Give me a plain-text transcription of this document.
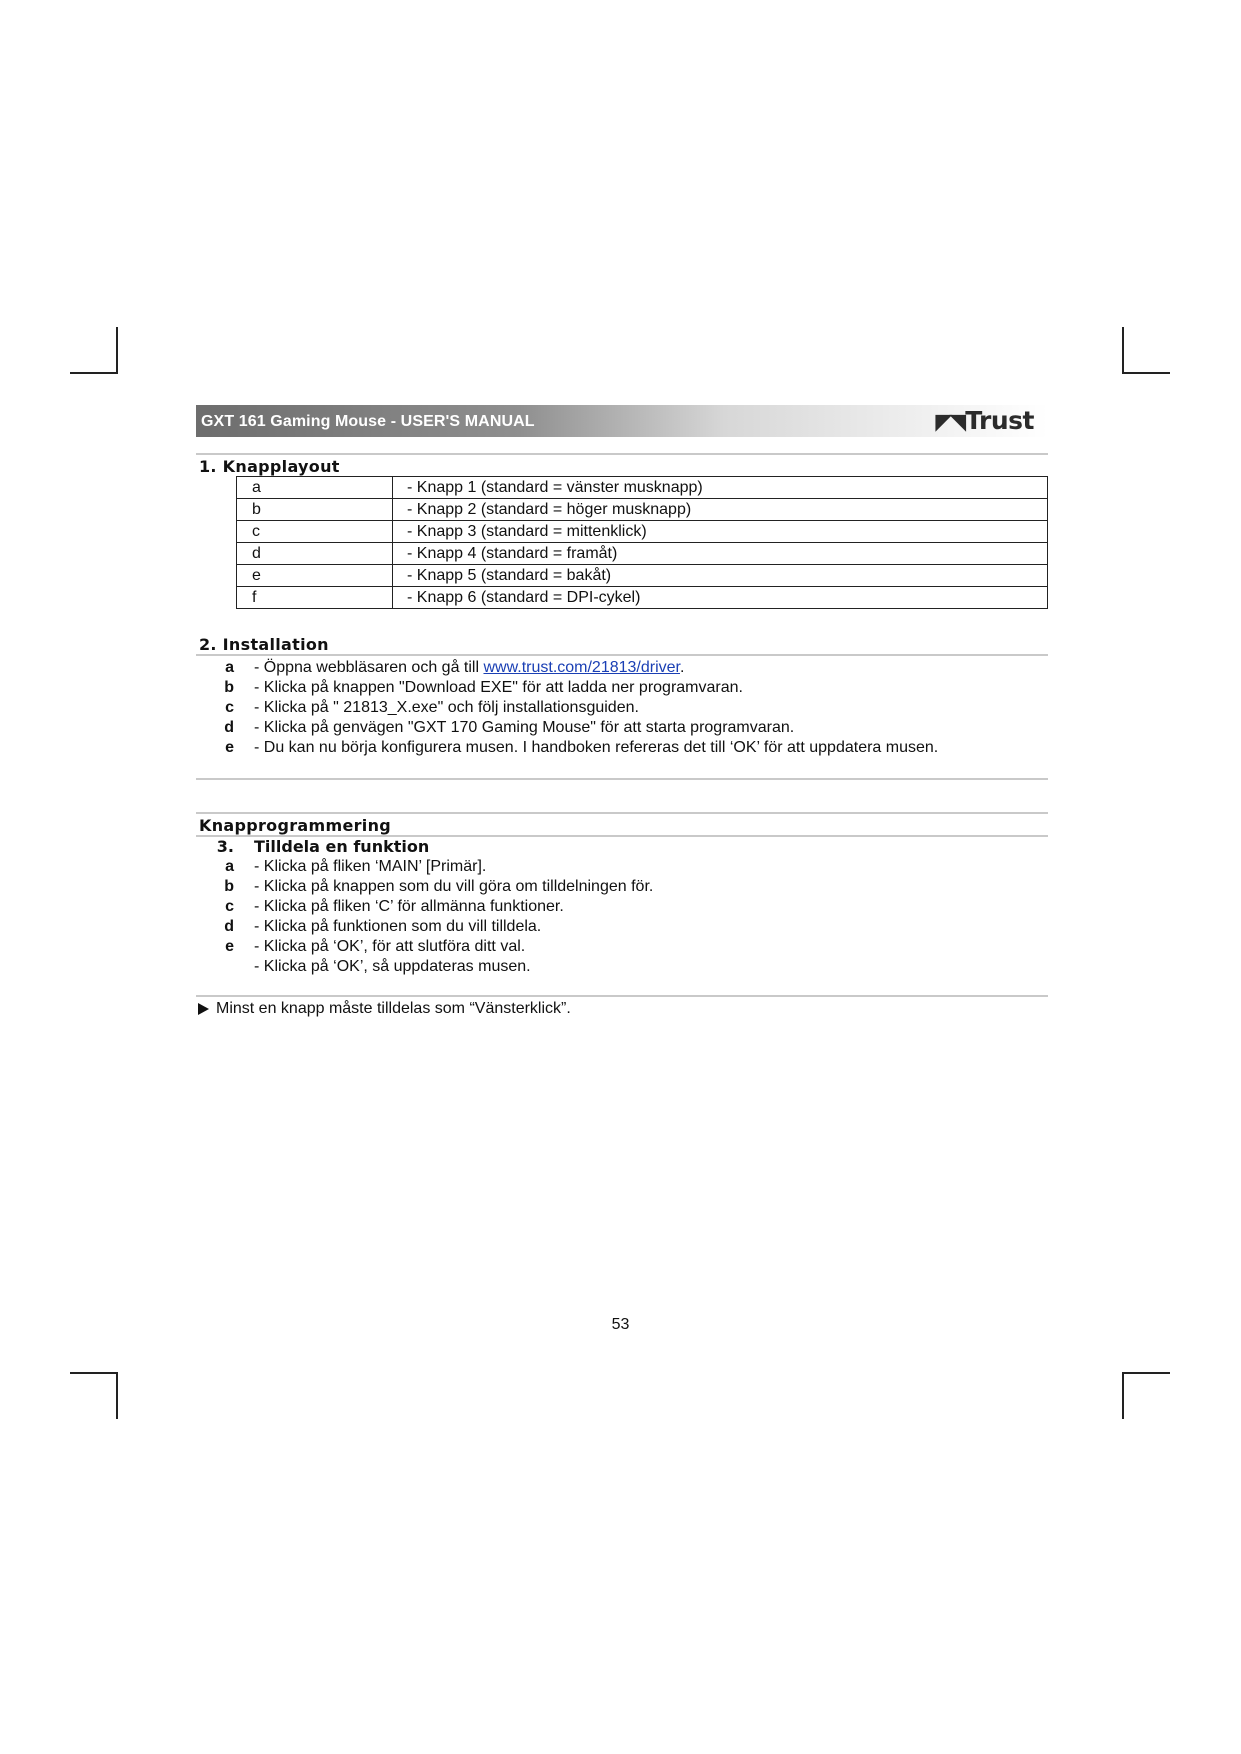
GXT 161 Gaming Mouse - USER'S MANUAL	◤◥Trust
1. Knapplayout
a	- Knapp 1 (standard = vänster musknapp)
b	- Knapp 2 (standard = höger musknapp)
c	- Knapp 3 (standard = mittenklick)
d	- Knapp 4 (standard = framåt)
e	- Knapp 5 (standard = bakåt)
f	- Knapp 6 (standard = DPI-cykel)
2. Installation
a	- Öppna webbläsaren och gå till www.trust.com/21813/driver.
b	- Klicka på knappen "Download EXE" för att ladda ner programvaran.
c	- Klicka på " 21813_X.exe" och följ installationsguiden.
d	- Klicka på genvägen "GXT 170 Gaming Mouse" för att starta programvaran.
e	- Du kan nu börja konfigurera musen. I handboken refereras det till ‘OK’ för att uppdatera musen.
Knapprogrammering
3.	Tilldela en funktion
a	- Klicka på fliken ‘MAIN’ [Primär].
b	- Klicka på knappen som du vill göra om tilldelningen för.
c	- Klicka på fliken ‘C’ för allmänna funktioner.
d	- Klicka på funktionen som du vill tilldela.
e	- Klicka på ‘OK’, för att slutföra ditt val.
- Klicka på ‘OK’, så uppdateras musen.
Minst en knapp måste tilldelas som “Vänsterklick”.
53
